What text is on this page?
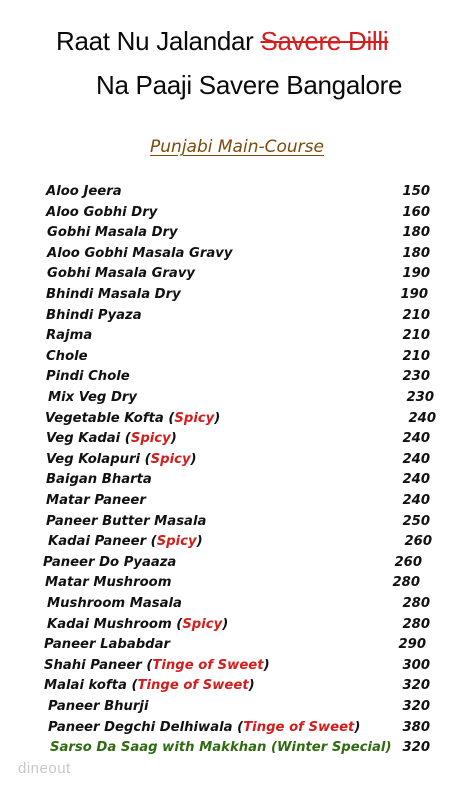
Raat Nu Jalandar Savere Dilli
Na Paaji Savere Bangalore
Punjabi Main-Course
Aloo Jeera	150
Aloo Gobhi Dry	160
Gobhi Masala Dry	180
Aloo Gobhi Masala Gravy	180
Gobhi Masala Gravy	190
Bhindi Masala Dry	190
Bhindi Pyaza	210
Rajma	210
Chole	210
Pindi Chole	230
Mix Veg Dry	230
Vegetable Kofta (Spicy)	240
Veg Kadai (Spicy)	240
Veg Kolapuri (Spicy)	240
Baigan Bharta	240
Matar Paneer	240
Paneer Butter Masala	250
Kadai Paneer (Spicy)	260
Paneer Do Pyaaza	260
Matar Mushroom	280
Mushroom Masala	280
Kadai Mushroom (Spicy)	280
Paneer Lababdar	290
Shahi Paneer (Tinge of Sweet)	300
Malai kofta (Tinge of Sweet)	320
Paneer Bhurji	320
Paneer Degchi Delhiwala (Tinge of Sweet)	380
Sarso Da Saag with Makkhan (Winter Special) 320
dineout
